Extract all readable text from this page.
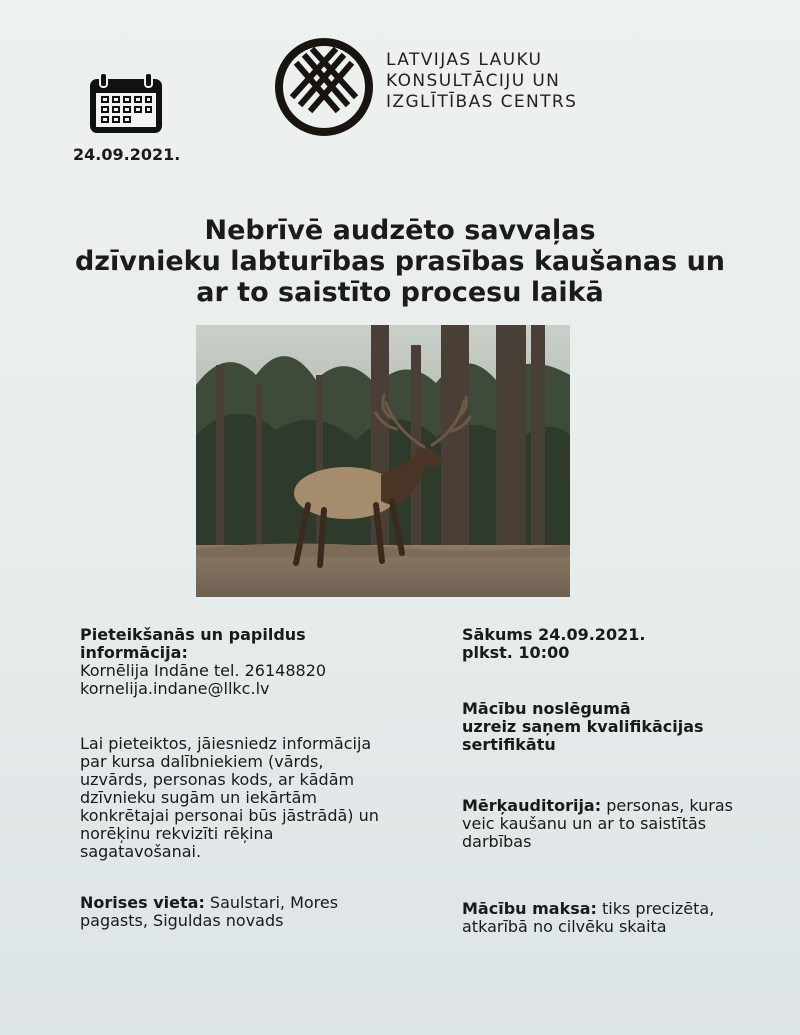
24.09.2021.
LATVIJAS LAUKU
KONSULTĀCIJU UN
IZGLĪTĪBAS CENTRS
Nebrīvē audzēto savvaļas
dzīvnieku labturības prasības kaušanas un
ar to saistīto procesu laikā
Pieteikšanās un papildus
informācija:
Kornēlija Indāne tel. 26148820
kornelija.indane@llkc.lv
Lai pieteiktos, jāiesniedz informācija
par kursa dalībniekiem (vārds,
uzvārds, personas kods, ar kādām
dzīvnieku sugām un iekārtām
konkrētajai personai būs jāstrādā) un
norēķinu rekvizīti rēķina
sagatavošanai.
Norises vieta: Saulstari, Mores
pagasts, Siguldas novads
Sākums 24.09.2021.
plkst. 10:00
Mācību noslēgumā
uzreiz saņem kvalifikācijas
sertifikātu
Mērķauditorija: personas, kuras
veic kaušanu un ar to saistītās
darbības
Mācību maksa: tiks precizēta,
atkarībā no cilvēku skaita
